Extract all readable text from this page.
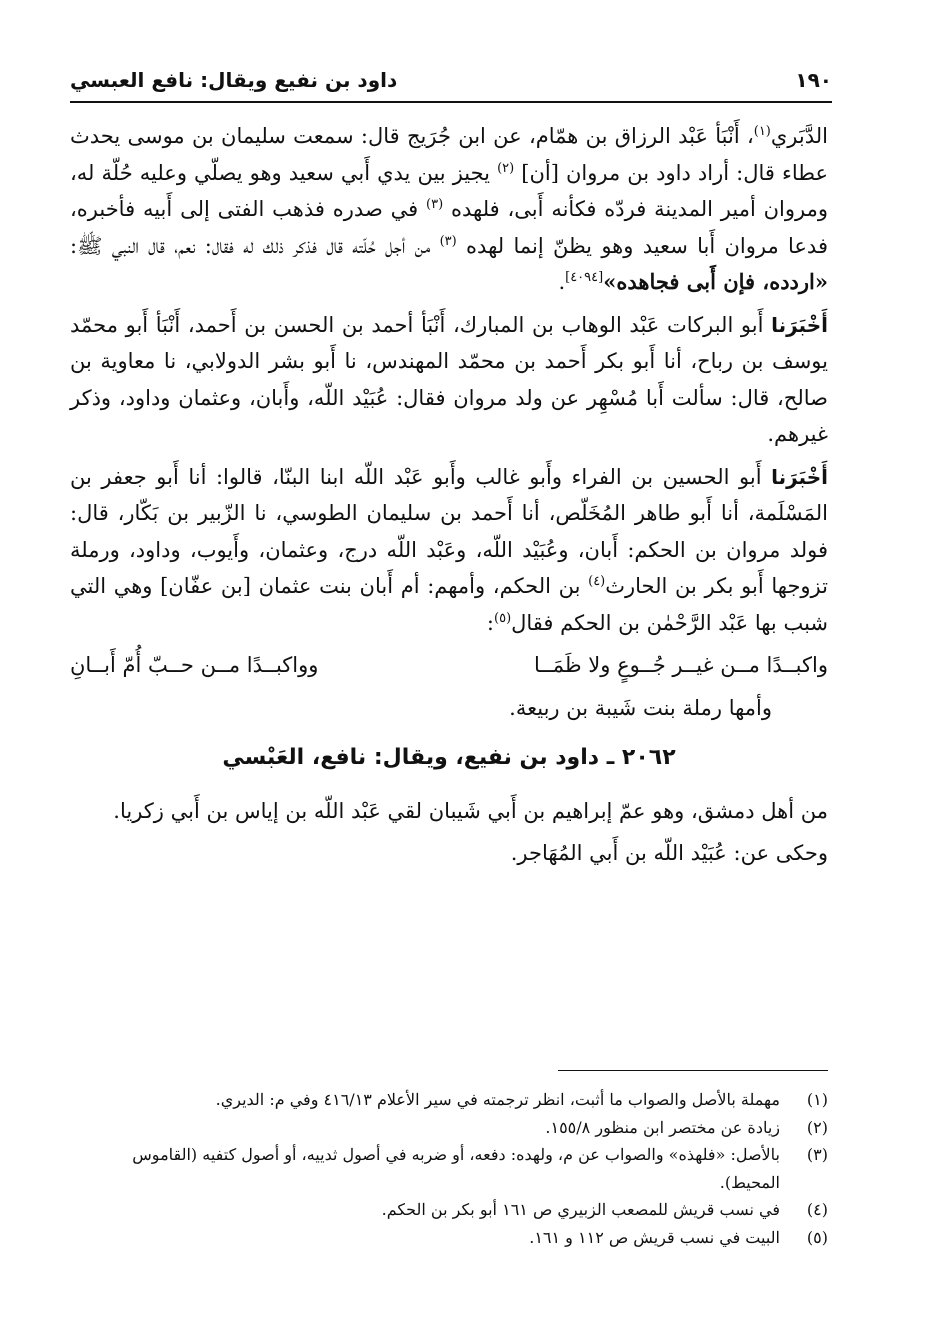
١٩٠
داود بن نفيع ويقال: نافع العبسي

الدَّبَري$^{(١)}$، أَنْبَأ عَبْد الرزاق بن همّام، عن ابن جُرَيج قال: سمعت سليمان بن موسى يحدث عطاء قال: أراد داود بن مروان [أن] $^{(٢)}$ يجيز بين يدي أَبي سعيد وهو يصلّي وعليه حُلّة له، ومروان أمير المدينة فردّه فكأنه أَبى، فلهده $^{(٣)}$ في صدره فذهب الفتى إلى أَبيه فأخبره، فدعا مروان أَبا سعيد وهو يظنّ إنما لهده $^{(٣)}$ من أجل حُلّته قال فذكر ذلك له فقال: نعم، قال النبي ﷺ: «اردده، فإن أَبى فجاهده»[٤٠٩٤].

أَخْبَرَنا أَبو البركات عَبْد الوهاب بن المبارك، أَنْبَأ أحمد بن الحسن بن أَحمد، أَنْبَأ أَبو محمّد يوسف بن رباح، أنا أَبو بكر أَحمد بن محمّد المهندس، نا أَبو بشر الدولابي، نا معاوية بن صالح، قال: سألت أَبا مُسْهِر عن ولد مروان فقال: عُبَيْد اللّه، وأَبان، وعثمان وداود، وذكر غيرهم.

أَخْبَرَنا أَبو الحسين بن الفراء وأَبو غالب وأَبو عَبْد اللّه ابنا البنّا، قالوا: أنا أَبو جعفر بن المَسْلَمة، أنا أَبو طاهر المُخَلّص، أنا أَحمد بن سليمان الطوسي، نا الزّبير بن بَكّار، قال: فولد مروان بن الحكم: أَبان، وعُبَيْد اللّه، وعَبْد اللّه درج، وعثمان، وأَيوب، وداود، ورملة تزوجها أَبو بكر بن الحارث$^{(٤)}$ بن الحكم، وأمهم: أم أَبان بنت عثمان [بن عفّان] وهي التي شبب بها عَبْد الرَّحْمٰن بن الحكم فقال$^{(٥)}$:

واكبــدًا مــن غيــر جُــوعٍ ولا ظَمَــا
وواكبــدًا مــن حــبّ أُمّ أَبــانِ

وأمها رملة بنت شَيبة بن ربيعة.

٢٠٦٢ ـ داود بن نفيع، ويقال: نافع، العَبْسي

من أهل دمشق، وهو عمّ إبراهيم بن أَبي شَيبان لقي عَبْد اللّه بن إياس بن أَبي زكريا.

وحكى عن: عُبَيْد اللّه بن أَبي المُهَاجر.

(١)
مهملة بالأصل والصواب ما أثبت، انظر ترجمته في سير الأعلام ٤١٦/١٣ وفي م: الديري.

(٢)
زيادة عن مختصر ابن منظور ١٥٥/٨.

(٣)
بالأصل: «فلهذه» والصواب عن م، ولهده: دفعه، أو ضربه في أصول ثدييه، أو أصول كتفيه (القاموس المحيط).

(٤)
في نسب قريش للمصعب الزبيري ص ١٦١ أبو بكر بن الحكم.

(٥)
البيت في نسب قريش ص ١١٢ و ١٦١.
